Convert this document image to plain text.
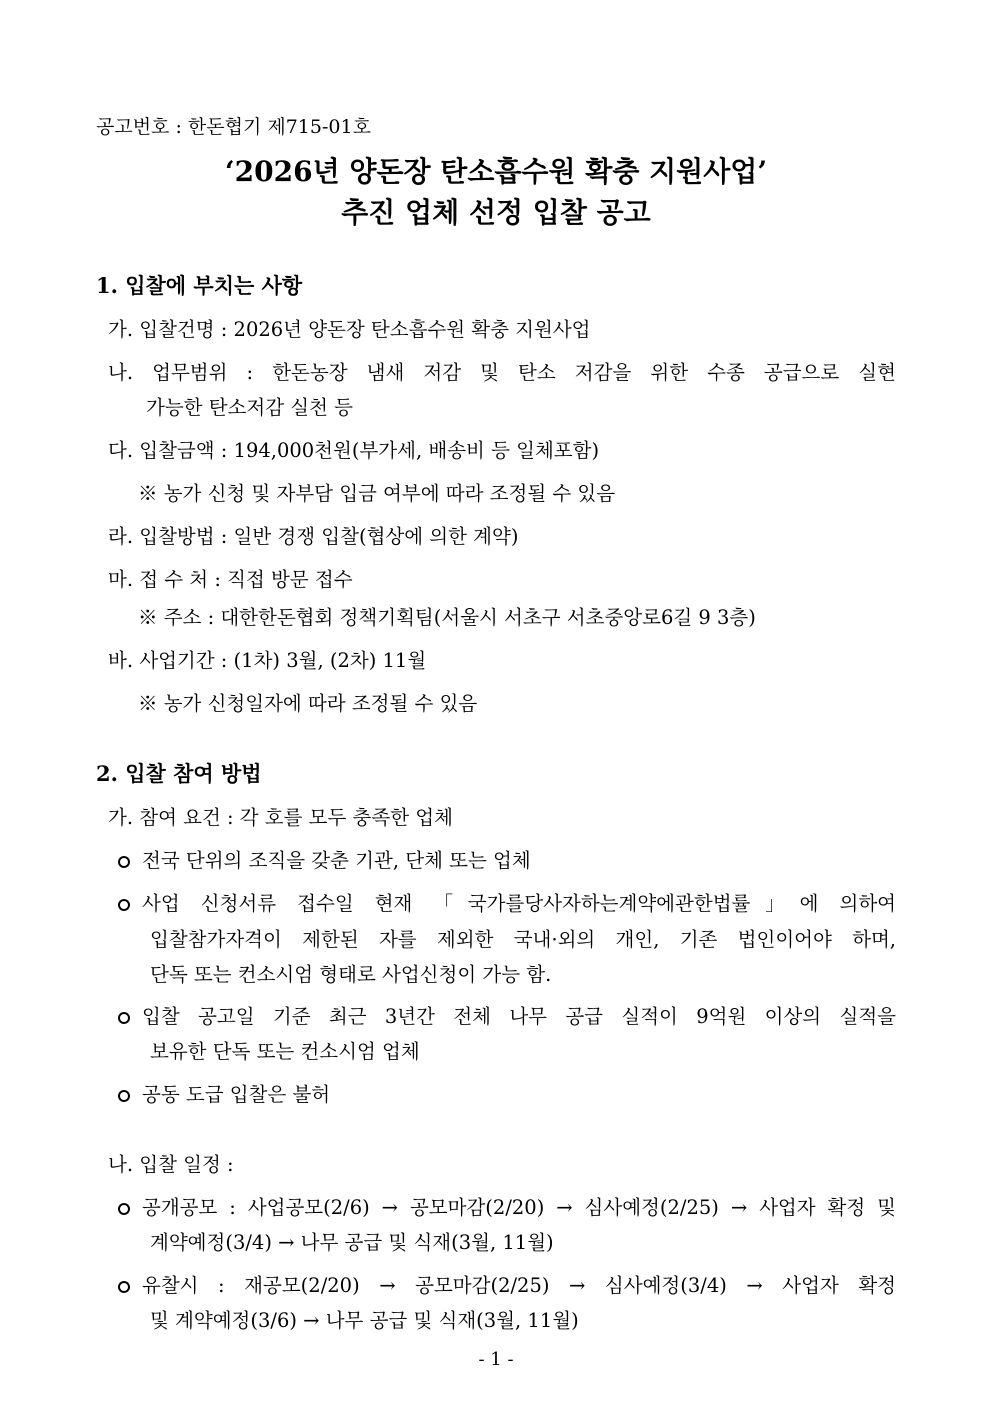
공고번호 : 한돈협기 제715-01호
‘2026년 양돈장 탄소흡수원 확충 지원사업’
추진 업체 선정 입찰 공고
1. 입찰에 부치는 사항
가. 입찰건명 : 2026년 양돈장 탄소흡수원 확충 지원사업
나. 업무범위 : 한돈농장 냄새 저감 및 탄소 저감을 위한 수종 공급으로 실현
가능한 탄소저감 실천 등
다. 입찰금액 : 194,000천원(부가세, 배송비 등 일체포함)
※ 농가 신청 및 자부담 입금 여부에 따라 조정될 수 있음
라. 입찰방법 : 일반 경쟁 입찰(협상에 의한 계약)
마. 접 수 처 : 직접 방문 접수
※ 주소 : 대한한돈협회 정책기획팀(서울시 서초구 서초중앙로6길 9 3층)
바. 사업기간 : (1차) 3월, (2차) 11월
※ 농가 신청일자에 따라 조정될 수 있음
2. 입찰 참여 방법
가. 참여 요건 : 각 호를 모두 충족한 업체
전국 단위의 조직을 갖춘 기관, 단체 또는 업체
사업 신청서류 접수일 현재 「국가를당사자하는계약에관한법률」에 의하여
입찰참가자격이 제한된 자를 제외한 국내·외의 개인, 기존 법인이어야 하며,
단독 또는 컨소시엄 형태로 사업신청이 가능 함.
입찰 공고일 기준 최근 3년간 전체 나무 공급 실적이 9억원 이상의 실적을
보유한 단독 또는 컨소시엄 업체
공동 도급 입찰은 불허
나. 입찰 일정 :
공개공모 : 사업공모(2/6) → 공모마감(2/20) → 심사예정(2/25) → 사업자 확정 및
계약예정(3/4) → 나무 공급 및 식재(3월, 11월)
유찰시 : 재공모(2/20) → 공모마감(2/25) → 심사예정(3/4) → 사업자 확정
및 계약예정(3/6) → 나무 공급 및 식재(3월, 11월)
- 1 -
